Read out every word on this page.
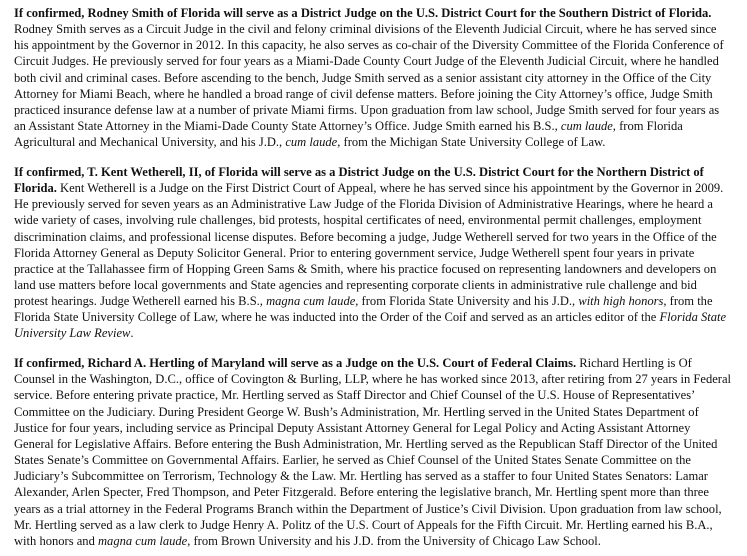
If confirmed, Rodney Smith of Florida will serve as a District Judge on the U.S. District Court for the Southern District of Florida. Rodney Smith serves as a Circuit Judge in the civil and felony criminal divisions of the Eleventh Judicial Circuit, where he has served since his appointment by the Governor in 2012. In this capacity, he also serves as co-chair of the Diversity Committee of the Florida Conference of Circuit Judges. He previously served for four years as a Miami-Dade County Court Judge of the Eleventh Judicial Circuit, where he handled both civil and criminal cases. Before ascending to the bench, Judge Smith served as a senior assistant city attorney in the Office of the City Attorney for Miami Beach, where he handled a broad range of civil defense matters. Before joining the City Attorney’s office, Judge Smith practiced insurance defense law at a number of private Miami firms. Upon graduation from law school, Judge Smith served for four years as an Assistant State Attorney in the Miami-Dade County State Attorney’s Office. Judge Smith earned his B.S., cum laude, from Florida Agricultural and Mechanical University, and his J.D., cum laude, from the Michigan State University College of Law.

If confirmed, T. Kent Wetherell, II, of Florida will serve as a District Judge on the U.S. District Court for the Northern District of Florida. Kent Wetherell is a Judge on the First District Court of Appeal, where he has served since his appointment by the Governor in 2009. He previously served for seven years as an Administrative Law Judge of the Florida Division of Administrative Hearings, where he heard a wide variety of cases, involving rule challenges, bid protests, hospital certificates of need, environmental permit challenges, employment discrimination claims, and professional license disputes. Before becoming a judge, Judge Wetherell served for two years in the Office of the Florida Attorney General as Deputy Solicitor General. Prior to entering government service, Judge Wetherell spent four years in private practice at the Tallahassee firm of Hopping Green Sams & Smith, where his practice focused on representing landowners and developers on land use matters before local governments and State agencies and representing corporate clients in administrative rule challenge and bid protest hearings. Judge Wetherell earned his B.S., magna cum laude, from Florida State University and his J.D., with high honors, from the Florida State University College of Law, where he was inducted into the Order of the Coif and served as an articles editor of the Florida State University Law Review.

If confirmed, Richard A. Hertling of Maryland will serve as a Judge on the U.S. Court of Federal Claims. Richard Hertling is Of Counsel in the Washington, D.C., office of Covington & Burling, LLP, where he has worked since 2013, after retiring from 27 years in Federal service. Before entering private practice, Mr. Hertling served as Staff Director and Chief Counsel of the U.S. House of Representatives’ Committee on the Judiciary. During President George W. Bush’s Administration, Mr. Hertling served in the United States Department of Justice for four years, including service as Principal Deputy Assistant Attorney General for Legal Policy and Acting Assistant Attorney General for Legislative Affairs. Before entering the Bush Administration, Mr. Hertling served as the Republican Staff Director of the United States Senate’s Committee on Governmental Affairs. Earlier, he served as Chief Counsel of the United States Senate Committee on the Judiciary’s Subcommittee on Terrorism, Technology & the Law. Mr. Hertling has served as a staffer to four United States Senators: Lamar Alexander, Arlen Specter, Fred Thompson, and Peter Fitzgerald. Before entering the legislative branch, Mr. Hertling spent more than three years as a trial attorney in the Federal Programs Branch within the Department of Justice’s Civil Division. Upon graduation from law school, Mr. Hertling served as a law clerk to Judge Henry A. Politz of the U.S. Court of Appeals for the Fifth Circuit. Mr. Hertling earned his B.A., with honors and magna cum laude, from Brown University and his J.D. from the University of Chicago Law School.
